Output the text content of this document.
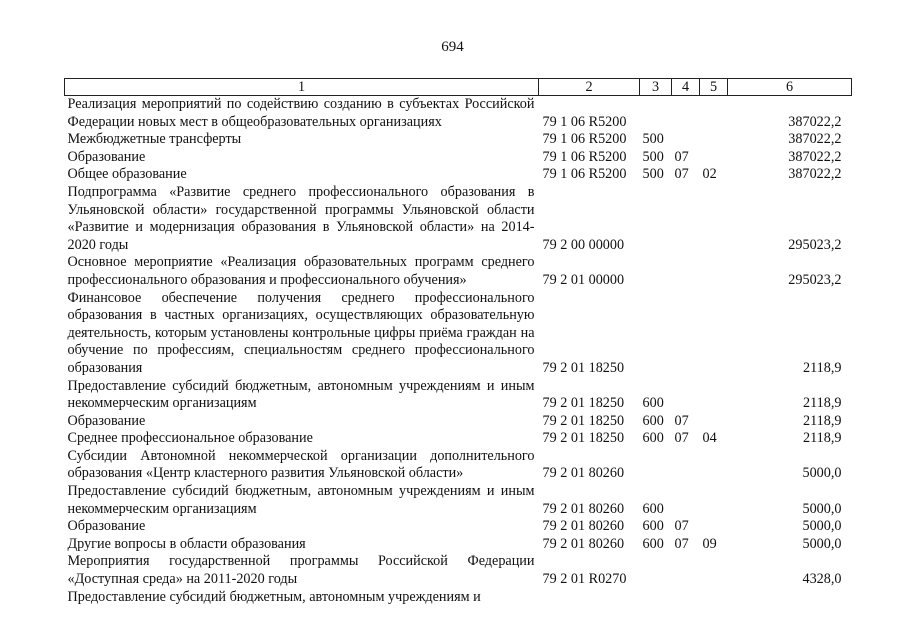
694
1	2	3	4	5	6
Реализация мероприятий по содействию созданию в субъектах Российской Федерации новых мест в общеобразовательных организациях	79 1 06 R5200				387022,2
Межбюджетные трансферты	79 1 06 R5200	500			387022,2
Образование	79 1 06 R5200	500	07		387022,2
Общее образование	79 1 06 R5200	500	07	02	387022,2
Подпрограмма «Развитие среднего профессионального образования в Ульяновской области» государственной программы Ульяновской области «Развитие и модернизация образования в Ульяновской области» на 2014-2020 годы	79 2 00 00000				295023,2
Основное мероприятие «Реализация образовательных программ среднего профессионального образования и профессионального обучения»	79 2 01 00000				295023,2
Финансовое обеспечение получения среднего профессионального образования в частных организациях, осуществляющих образовательную деятельность, которым установлены контрольные цифры приёма граждан на обучение по профессиям, специальностям среднего профессионального образования	79 2 01 18250				2118,9
Предоставление субсидий бюджетным, автономным учреждениям и иным некоммерческим организациям	79 2 01 18250	600			2118,9
Образование	79 2 01 18250	600	07		2118,9
Среднее профессиональное образование	79 2 01 18250	600	07	04	2118,9
Субсидии Автономной некоммерческой организации дополнительного образования «Центр кластерного развития Ульяновской области»	79 2 01 80260				5000,0
Предоставление субсидий бюджетным, автономным учреждениям и иным некоммерческим организациям	79 2 01 80260	600			5000,0
Образование	79 2 01 80260	600	07		5000,0
Другие вопросы в области образования	79 2 01 80260	600	07	09	5000,0
Мероприятия государственной программы Российской Федерации «Доступная среда» на 2011-2020 годы	79 2 01 R0270				4328,0
Предоставление субсидий бюджетным, автономным учреждениям и					
